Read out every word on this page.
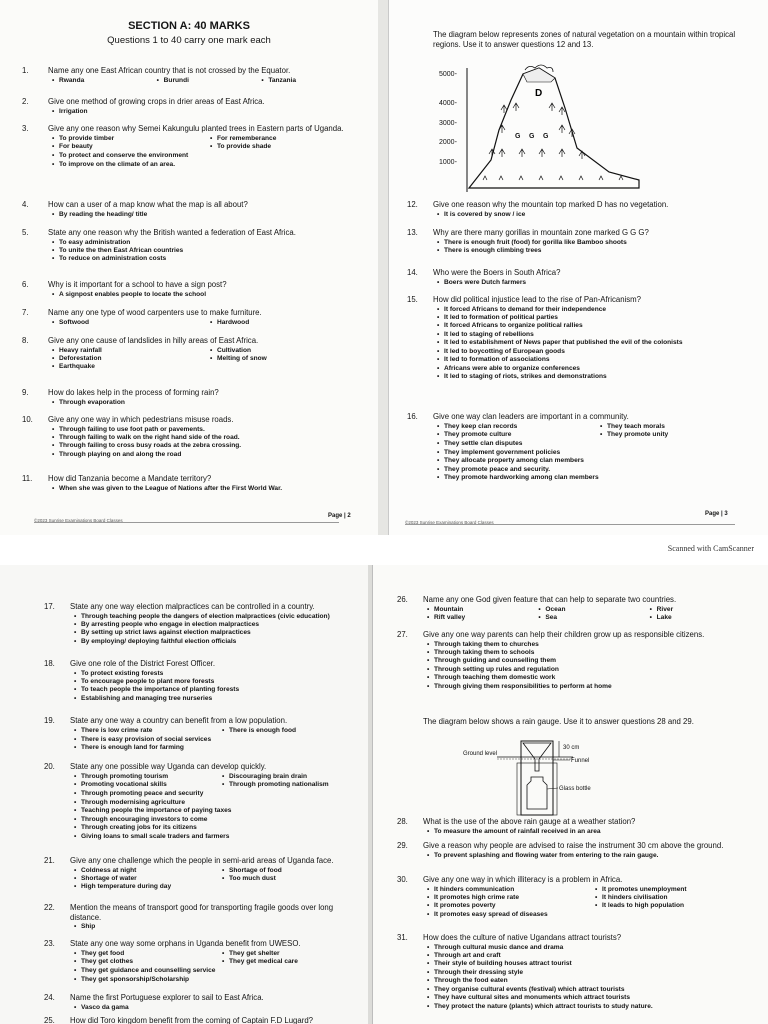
Scanned with CamScanner
SECTION A: 40 MARKS
Questions 1 to 40 carry one mark each
1.	Name any one East African country that is not crossed by the Equator.
• Rwanda	• Burundi	• Tanzania
2.	Give one method of growing crops in drier areas of East Africa.
• Irrigation
3.	Give any one reason why Semei Kakungulu planted trees in Eastern parts of Uganda.
• To provide timber	• For rememberance
• For beauty	• To provide shade
• To protect and conserve the environment
• To improve on the climate of an area.
4.	How can a user of a map know what the map is all about?
• By reading the heading/ title
5.	State any one reason why the British wanted a federation of East Africa.
• To easy administration
• To unite the then East African countries
• To reduce on administration costs
6.	Why is it important for a school to have a sign post?
• A signpost enables people to locate the school
7.	Name any one type of wood carpenters use to make furniture.
• Softwood	• Hardwood
8.	Give any one cause of landslides in hilly areas of East Africa.
• Heavy rainfall	• Cultivation
• Deforestation	• Melting of snow
• Earthquake
9.	How do lakes help in the process of forming rain?
• Through evaporation
10.	Give any one way in which pedestrians misuse roads.
• Through failing to use foot path or pavements.
• Through failing to walk on the right hand side of the road.
• Through failing to cross busy roads at the zebra crossing.
• Through playing on and along the road
11.	How did Tanzania become a Mandate territory?
• When she was given to the League of Nations after the First World War.
©2023 Sunrise Examinations Board Classes
Page | 2
The diagram below represents zones of natural vegetation on a mountain within tropical regions. Use it to answer questions 12 and 13.
5000-
4000-
3000-
2000-
1000-
D
G G G
12.	Give one reason why the mountain top marked D has no vegetation.
• It is covered by snow / ice
13.	Why are there many gorillas in mountain zone marked G G G?
• There is enough fruit (food) for gorilla like Bamboo shoots
• There is enough climbing trees
14.	Who were the Boers in South Africa?
• Boers were Dutch farmers
15.	How did political injustice lead to the rise of Pan-Africanism?
• It forced Africans to demand for their independence
• It led to formation of political parties
• It forced Africans to organize political rallies
• It led to staging of rebellions
• It led to establishment of News paper that published the evil of the colonists
• It led to boycotting of European goods
• It led to formation of associations
• Africans were able to organize conferences
• It led to staging of riots, strikes and demonstrations
16.	Give one way clan leaders are important in a community.
• They keep clan records	• They teach morals
• They promote culture	• They promote unity
• They settle clan disputes
• They implement government policies
• They allocate property among clan members
• They promote peace and security.
• They promote hardworking among clan members
©2023 Sunrise Examinations Board Classes
Page | 3
17.	State any one way election malpractices can be controlled in a country.
• Through teaching people the dangers of election malpractices (civic education)
• By arresting people who engage in election malpractices
• By setting up strict laws against election malpractices
• By employing/ deploying faithful election officials
18.	Give one role of the District Forest Officer.
• To protect existing forests
• To encourage people to plant more forests
• To teach people the importance of planting forests
• Establishing and managing tree nurseries
19.	State any one way a country can benefit from a low population.
• There is low crime rate	• There is enough food
• There is easy provision of social services
• There is enough land for farming
20.	State any one possible way Uganda can develop quickly.
• Through promoting tourism	• Discouraging brain drain
• Promoting vocational skills	• Through promoting nationalism
• Through promoting peace and security
• Through modernising agriculture
• Teaching people the importance of paying taxes
• Through encouraging investors to come
• Through creating jobs for its citizens
• Giving loans to small scale traders and farmers
21.	Give any one challenge which the people in semi-arid areas of Uganda face.
• Coldness at night	• Shortage of food
• Shortage of water	• Too much dust
• High temperature during day
22.	Mention the means of transport good for transporting fragile goods over long distance.
• Ship
23.	State any one way some orphans in Uganda benefit from UWESO.
• They get food	• They get shelter
• They get clothes	• They get medical care
• They get guidance and counselling service
• They get sponsorship/Scholarship
24.	Name the first Portuguese explorer to sail to East Africa.
• Vasco da gama
25.	How did Toro kingdom benefit from the coming of Captain F.D Lugard?
26.	Name any one God given feature that can help to separate two countries.
• Mountain	• Ocean	• River
• Rift valley	• Sea	• Lake
27.	Give any one way parents can help their children grow up as responsible citizens.
• Through taking them to churches
• Through taking them to schools
• Through guiding and counselling them
• Through setting up rules and regulation
• Through teaching them domestic work
• Through giving them responsibilities to perform at home
The diagram below shows a rain gauge. Use it to answer questions 28 and 29.
Ground level
30 cm
Funnel
Glass bottle
28.	What is the use of the above rain gauge at a weather station?
• To measure the amount of rainfall received in an area
29.	Give a reason why people are advised to raise the instrument 30 cm above the ground.
• To prevent splashing and flowing water from entering to the rain gauge.
30.	Give any one way in which illiteracy is a problem in Africa.
• It hinders communication	• It promotes unemployment
• It promotes high crime rate	• It hinders civilisation
• It promotes poverty	• It leads to high population
• It promotes easy spread of diseases
31.	How does the culture of native Ugandans attract tourists?
• Through cultural music dance and drama
• Through art and craft
• Their style of building houses attract tourist
• Through their dressing style
• Through the food eaten
• They organise cultural events (festival) which attract tourists
• They have cultural sites and monuments which attract tourists
• They protect the nature (plants) which attract tourists to study nature.
